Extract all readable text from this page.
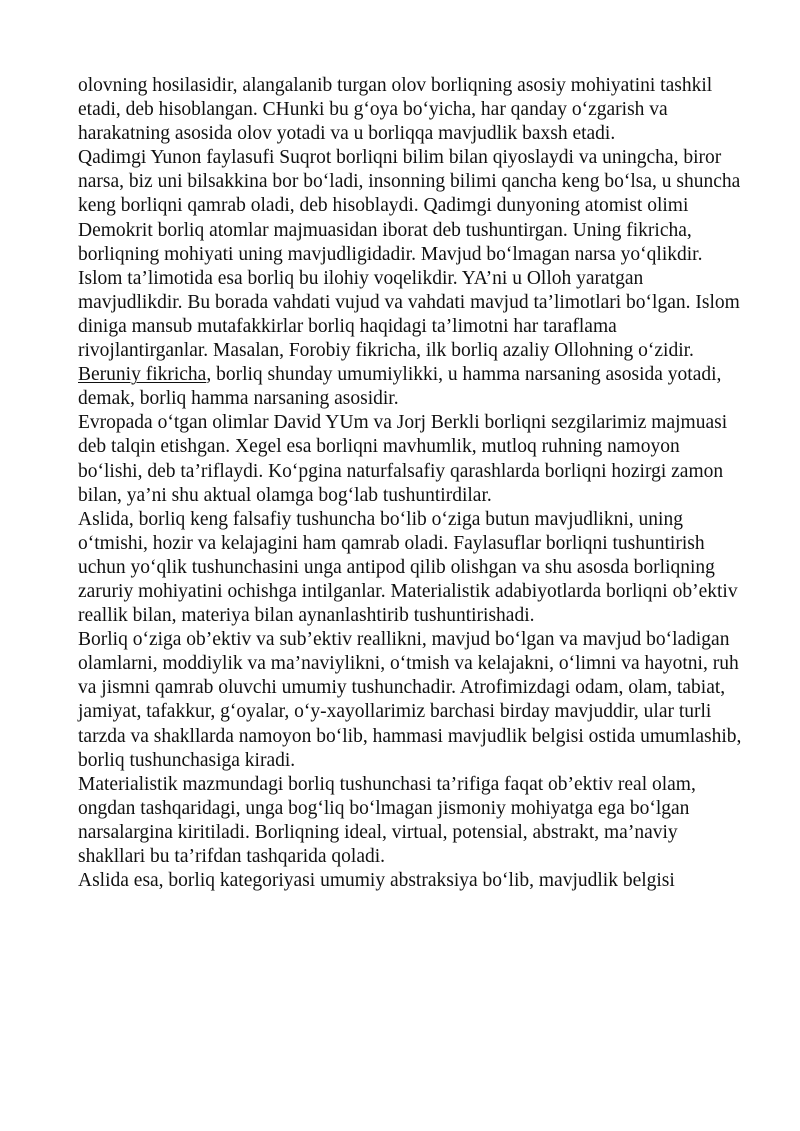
olovning hosilasidir, alangalanib turgan olov borliqning asosiy mohiyatini tashkil etadi, deb hisoblangan. CHunki bu g‘oya bo‘yicha, har qanday o‘zgarish va harakatning asosida olov yotadi va u borliqqa mavjudlik baxsh etadi.

Qadimgi Yunon faylasufi Suqrot borliqni bilim bilan qiyoslaydi va uningcha, biror narsa, biz uni bilsakkina bor bo‘ladi, insonning bilimi qancha keng bo‘lsa, u shuncha keng borliqni qamrab oladi, deb hisoblaydi. Qadimgi dunyoning atomist olimi Demokrit borliq atomlar majmuasidan iborat deb tushuntirgan. Uning fikricha, borliqning mohiyati uning mavjudligidadir. Mavjud bo‘lmagan narsa yo‘qlikdir.

Islom ta’limotida esa borliq bu ilohiy voqelikdir. YA’ni u Olloh yaratgan mavjudlikdir. Bu borada vahdati vujud va vahdati mavjud ta’limotlari bo‘lgan. Islom diniga mansub mutafakkirlar borliq haqidagi ta’limotni har taraflama rivojlantirganlar. Masalan, Forobiy fikricha, ilk borliq azaliy Ollohning o‘zidir. Beruniy fikricha, borliq shunday umumiylikki, u hamma narsaning asosida yotadi, demak, borliq hamma narsaning asosidir.

Evropada o‘tgan olimlar David YUm va Jorj Berkli borliqni sezgilarimiz majmuasi deb talqin etishgan. Xegel esa borliqni mavhumlik, mutloq ruhning namoyon bo‘lishi, deb ta’riflaydi. Ko‘pgina naturfalsafiy qarashlarda borliqni hozirgi zamon bilan, ya’ni shu aktual olamga bog‘lab tushuntirdilar.

Aslida, borliq keng falsafiy tushuncha bo‘lib o‘ziga butun mavjudlikni, uning o‘tmishi, hozir va kelajagini ham qamrab oladi. Faylasuflar borliqni tushuntirish uchun yo‘qlik tushunchasini unga antipod qilib olishgan va shu asosda borliqning zaruriy mohiyatini ochishga intilganlar. Materialistik adabiyotlarda borliqni ob’ektiv reallik bilan, materiya bilan aynanlashtirib tushuntirishadi.

Borliq o‘ziga ob’ektiv va sub’ektiv reallikni, mavjud bo‘lgan va mavjud bo‘ladigan olamlarni, moddiylik va ma’naviylikni, o‘tmish va kelajakni, o‘limni va hayotni, ruh va jismni qamrab oluvchi umumiy tushunchadir. Atrofimizdagi odam, olam, tabiat, jamiyat, tafakkur, g‘oyalar, o‘y-xayollarimiz barchasi birday mavjuddir, ular turli tarzda va shakllarda namoyon bo‘lib, hammasi mavjudlik belgisi ostida umumlashib, borliq tushunchasiga kiradi.

Materialistik mazmundagi borliq tushunchasi ta’rifiga faqat ob’ektiv real olam, ongdan tashqaridagi, unga bog‘liq bo‘lmagan jismoniy mohiyatga ega bo‘lgan narsalargina kiritiladi. Borliqning ideal, virtual, potensial, abstrakt, ma’naviy shakllari bu ta’rifdan tashqarida qoladi.

Aslida esa, borliq kategoriyasi umumiy abstraksiya bo‘lib, mavjudlik belgisi
